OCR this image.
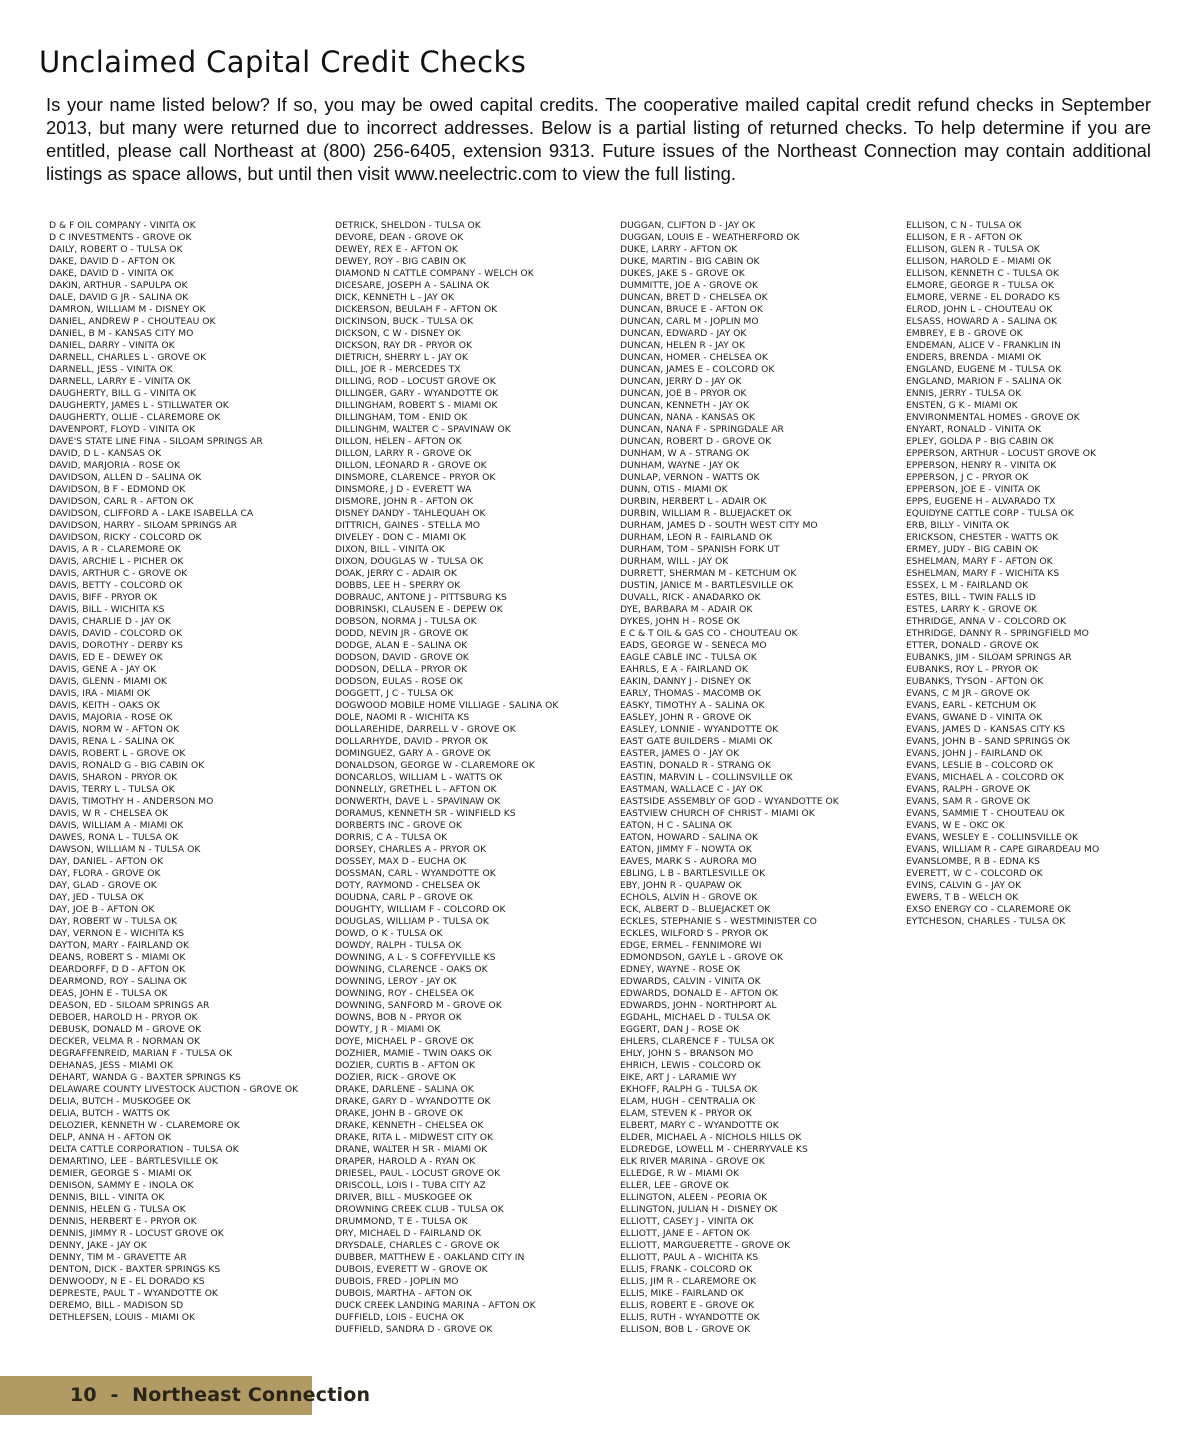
Unclaimed Capital Credit Checks

Is your name listed below? If so, you may be owed capital credits. The cooperative mailed capital credit refund checks in September 2013, but many were returned due to incorrect addresses. Below is a partial listing of returned checks. To help determine if you are entitled, please call Northeast at (800) 256-6405, extension 9313. Future issues of the Northeast Connection may contain additional listings as space allows, but until then visit www.neelectric.com to view the full listing.

D & F OIL COMPANY - VINITA OK
D C INVESTMENTS - GROVE OK
DAILY, ROBERT O - TULSA OK
DAKE, DAVID D - AFTON OK
DAKE, DAVID D - VINITA OK
DAKIN, ARTHUR - SAPULPA OK
DALE, DAVID G JR - SALINA OK
DAMRON, WILLIAM M - DISNEY OK
DANIEL, ANDREW P - CHOUTEAU OK
DANIEL, B M - KANSAS CITY MO
DANIEL, DARRY - VINITA OK
DARNELL, CHARLES L - GROVE OK
DARNELL, JESS - VINITA OK
DARNELL, LARRY E - VINITA OK
DAUGHERTY, BILL G - VINITA OK
DAUGHERTY, JAMES L - STILLWATER OK
DAUGHERTY, OLLIE - CLAREMORE OK
DAVENPORT, FLOYD - VINITA OK
DAVE'S STATE LINE FINA - SILOAM SPRINGS AR
DAVID, D L - KANSAS OK
DAVID, MARJORIA - ROSE OK
DAVIDSON, ALLEN D - SALINA OK
DAVIDSON, B F - EDMOND OK
DAVIDSON, CARL R - AFTON OK
DAVIDSON, CLIFFORD A - LAKE ISABELLA CA
DAVIDSON, HARRY - SILOAM SPRINGS AR
DAVIDSON, RICKY - COLCORD OK
DAVIS, A R - CLAREMORE OK
DAVIS, ARCHIE L - PICHER OK
DAVIS, ARTHUR C - GROVE OK
DAVIS, BETTY - COLCORD OK
DAVIS, BIFF - PRYOR OK
DAVIS, BILL - WICHITA KS
DAVIS, CHARLIE D - JAY OK
DAVIS, DAVID - COLCORD OK
DAVIS, DOROTHY - DERBY KS
DAVIS, ED E - DEWEY OK
DAVIS, GENE A - JAY OK
DAVIS, GLENN - MIAMI OK
DAVIS, IRA - MIAMI OK
DAVIS, KEITH - OAKS OK
DAVIS, MAJORIA - ROSE OK
DAVIS, NORM W - AFTON OK
DAVIS, RENA L - SALINA OK
DAVIS, ROBERT L - GROVE OK
DAVIS, RONALD G - BIG CABIN OK
DAVIS, SHARON - PRYOR OK
DAVIS, TERRY L - TULSA OK
DAVIS, TIMOTHY H - ANDERSON MO
DAVIS, W R - CHELSEA OK
DAVIS, WILLIAM A - MIAMI OK
DAWES, RONA L - TULSA OK
DAWSON, WILLIAM N - TULSA OK
DAY, DANIEL - AFTON OK
DAY, FLORA - GROVE OK
DAY, GLAD - GROVE OK
DAY, JED - TULSA OK
DAY, JOE B - AFTON OK
DAY, ROBERT W - TULSA OK
DAY, VERNON E - WICHITA KS
DAYTON, MARY - FAIRLAND OK
DEANS, ROBERT S - MIAMI OK
DEARDORFF, D D - AFTON OK
DEARMOND, ROY - SALINA OK
DEAS, JOHN E - TULSA OK
DEASON, ED - SILOAM SPRINGS AR
DEBOER, HAROLD H - PRYOR OK
DEBUSK, DONALD M - GROVE OK
DECKER, VELMA R - NORMAN OK
DEGRAFFENREID, MARIAN F - TULSA OK
DEHANAS, JESS - MIAMI OK
DEHART, WANDA G - BAXTER SPRINGS KS
DELAWARE COUNTY LIVESTOCK AUCTION - GROVE OK
DELIA, BUTCH - MUSKOGEE OK
DELIA, BUTCH - WATTS OK
DELOZIER, KENNETH W - CLAREMORE OK
DELP, ANNA H - AFTON OK
DELTA CATTLE CORPORATION - TULSA OK
DEMARTINO, LEE - BARTLESVILLE OK
DEMIER, GEORGE S - MIAMI OK
DENISON, SAMMY E - INOLA OK
DENNIS, BILL - VINITA OK
DENNIS, HELEN G - TULSA OK
DENNIS, HERBERT E - PRYOR OK
DENNIS, JIMMY R - LOCUST GROVE OK
DENNY, JAKE - JAY OK
DENNY, TIM M - GRAVETTE AR
DENTON, DICK - BAXTER SPRINGS KS
DENWOODY, N E - EL DORADO KS
DEPRESTE, PAUL T - WYANDOTTE OK
DEREMO, BILL - MADISON SD
DETHLEFSEN, LOUIS - MIAMI OK
DETRICK, SHELDON - TULSA OK
DEVORE, DEAN - GROVE OK
DEWEY, REX E - AFTON OK
DEWEY, ROY - BIG CABIN OK
DIAMOND N CATTLE COMPANY - WELCH OK
DICESARE, JOSEPH A - SALINA OK
DICK, KENNETH L - JAY OK
DICKERSON, BEULAH F - AFTON OK
DICKINSON, BUCK - TULSA OK
DICKSON, C W - DISNEY OK
DICKSON, RAY DR - PRYOR OK
DIETRICH, SHERRY L - JAY OK
DILL, JOE R - MERCEDES TX
DILLING, ROD - LOCUST GROVE OK
DILLINGER, GARY - WYANDOTTE OK
DILLINGHAM, ROBERT S - MIAMI OK
DILLINGHAM, TOM - ENID OK
DILLINGHM, WALTER C - SPAVINAW OK
DILLON, HELEN - AFTON OK
DILLON, LARRY R - GROVE OK
DILLON, LEONARD R - GROVE OK
DINSMORE, CLARENCE - PRYOR OK
DINSMORE, J D - EVERETT WA
DISMORE, JOHN R - AFTON OK
DISNEY DANDY - TAHLEQUAH OK
DITTRICH, GAINES - STELLA MO
DIVELEY - DON C - MIAMI OK
DIXON, BILL - VINITA OK
DIXON, DOUGLAS W - TULSA OK
DOAK, JERRY C - ADAIR OK
DOBBS, LEE H - SPERRY OK
DOBRAUC, ANTONE J - PITTSBURG KS
DOBRINSKI, CLAUSEN E - DEPEW OK
DOBSON, NORMA J - TULSA OK
DODD, NEVIN JR - GROVE OK
DODGE, ALAN E - SALINA OK
DODSON, DAVID - GROVE OK
DODSON, DELLA - PRYOR OK
DODSON, EULAS - ROSE OK
DOGGETT, J C - TULSA OK
DOGWOOD MOBILE HOME VILLIAGE - SALINA OK
DOLE, NAOMI R - WICHITA KS
DOLLAREHIDE, DARRELL V - GROVE OK
DOLLARHYDE, DAVID - PRYOR OK
DOMINGUEZ, GARY A - GROVE OK
DONALDSON, GEORGE W - CLAREMORE OK
DONCARLOS, WILLIAM L - WATTS OK
DONNELLY, GRETHEL L - AFTON OK
DONWERTH, DAVE L - SPAVINAW OK
DORAMUS, KENNETH SR - WINFIELD KS
DORBERTS INC - GROVE OK
DORRIS, C A - TULSA OK
DORSEY, CHARLES A - PRYOR OK
DOSSEY, MAX D - EUCHA OK
DOSSMAN, CARL - WYANDOTTE OK
DOTY, RAYMOND - CHELSEA OK
DOUDNA, CARL P - GROVE OK
DOUGHTY, WILLIAM F - COLCORD OK
DOUGLAS, WILLIAM P - TULSA OK
DOWD, O K - TULSA OK
DOWDY, RALPH - TULSA OK
DOWNING, A L - S COFFEYVILLE KS
DOWNING, CLARENCE - OAKS OK
DOWNING, LEROY - JAY OK
DOWNING, ROY - CHELSEA OK
DOWNING, SANFORD M - GROVE OK
DOWNS, BOB N - PRYOR OK
DOWTY, J R - MIAMI OK
DOYE, MICHAEL P - GROVE OK
DOZHIER, MAMIE - TWIN OAKS OK
DOZIER, CURTIS B - AFTON OK
DOZIER, RICK - GROVE OK
DRAKE, DARLENE - SALINA OK
DRAKE, GARY D - WYANDOTTE OK
DRAKE, JOHN B - GROVE OK
DRAKE, KENNETH - CHELSEA OK
DRAKE, RITA L - MIDWEST CITY OK
DRANE, WALTER H SR - MIAMI OK
DRAPER, HAROLD A - RYAN OK
DRIESEL, PAUL - LOCUST GROVE OK
DRISCOLL, LOIS I - TUBA CITY AZ
DRIVER, BILL - MUSKOGEE OK
DROWNING CREEK CLUB - TULSA OK
DRUMMOND, T E - TULSA OK
DRY, MICHAEL D - FAIRLAND OK
DRYSDALE, CHARLES C - GROVE OK
DUBBER, MATTHEW E - OAKLAND CITY IN
DUBOIS, EVERETT W - GROVE OK
DUBOIS, FRED - JOPLIN MO
DUBOIS, MARTHA - AFTON OK
DUCK CREEK LANDING MARINA - AFTON OK
DUFFIELD, LOIS - EUCHA OK
DUFFIELD, SANDRA D - GROVE OK
DUGGAN, CLIFTON D - JAY OK
DUGGAN, LOUIS E - WEATHERFORD OK
DUKE, LARRY - AFTON OK
DUKE, MARTIN - BIG CABIN OK
DUKES, JAKE S - GROVE OK
DUMMITTE, JOE A - GROVE OK
DUNCAN, BRET D - CHELSEA OK
DUNCAN, BRUCE E - AFTON OK
DUNCAN, CARL M - JOPLIN MO
DUNCAN, EDWARD - JAY OK
DUNCAN, HELEN R - JAY OK
DUNCAN, HOMER - CHELSEA OK
DUNCAN, JAMES E - COLCORD OK
DUNCAN, JERRY D - JAY OK
DUNCAN, JOE B - PRYOR OK
DUNCAN, KENNETH - JAY OK
DUNCAN, NANA - KANSAS OK
DUNCAN, NANA F - SPRINGDALE AR
DUNCAN, ROBERT D - GROVE OK
DUNHAM, W A - STRANG OK
DUNHAM, WAYNE - JAY OK
DUNLAP, VERNON - WATTS OK
DUNN, OTIS - MIAMI OK
DURBIN, HERBERT L - ADAIR OK
DURBIN, WILLIAM R - BLUEJACKET OK
DURHAM, JAMES D - SOUTH WEST CITY MO
DURHAM, LEON R - FAIRLAND OK
DURHAM, TOM - SPANISH FORK UT
DURHAM, WILL - JAY OK
DURRETT, SHERMAN M - KETCHUM OK
DUSTIN, JANICE M - BARTLESVILLE OK
DUVALL, RICK - ANADARKO OK
DYE, BARBARA M - ADAIR OK
DYKES, JOHN H - ROSE OK
E C & T OIL & GAS CO - CHOUTEAU OK
EADS, GEORGE W - SENECA MO
EAGLE CABLE INC - TULSA OK
EAHRLS, E A - FAIRLAND OK
EAKIN, DANNY J - DISNEY OK
EARLY, THOMAS - MACOMB OK
EASKY, TIMOTHY A - SALINA OK
EASLEY, JOHN R - GROVE OK
EASLEY, LONNIE - WYANDOTTE OK
EAST GATE BUILDERS - MIAMI OK
EASTER, JAMES O - JAY OK
EASTIN, DONALD R - STRANG OK
EASTIN, MARVIN L - COLLINSVILLE OK
EASTMAN, WALLACE C - JAY OK
EASTSIDE ASSEMBLY OF GOD - WYANDOTTE OK
EASTVIEW CHURCH OF CHRIST - MIAMI OK
EATON, H C - SALINA OK
EATON, HOWARD - SALINA OK
EATON, JIMMY F - NOWTA OK
EAVES, MARK S - AURORA MO
EBLING, L B - BARTLESVILLE OK
EBY, JOHN R - QUAPAW OK
ECHOLS, ALVIN H - GROVE OK
ECK, ALBERT D - BLUEJACKET OK
ECKLES, STEPHANIE S - WESTMINISTER CO
ECKLES, WILFORD S - PRYOR OK
EDGE, ERMEL - FENNIMORE WI
EDMONDSON, GAYLE L - GROVE OK
EDNEY, WAYNE - ROSE OK
EDWARDS, CALVIN - VINITA OK
EDWARDS, DONALD E - AFTON OK
EDWARDS, JOHN - NORTHPORT AL
EGDAHL, MICHAEL D - TULSA OK
EGGERT, DAN J - ROSE OK
EHLERS, CLARENCE F - TULSA OK
EHLY, JOHN S - BRANSON MO
EHRICH, LEWIS - COLCORD OK
EIKE, ART J - LARAMIE WY
EKHOFF, RALPH G - TULSA OK
ELAM, HUGH - CENTRALIA OK
ELAM, STEVEN K - PRYOR OK
ELBERT, MARY C - WYANDOTTE OK
ELDER, MICHAEL A - NICHOLS HILLS OK
ELDREDGE, LOWELL M - CHERRYVALE KS
ELK RIVER MARINA - GROVE OK
ELLEDGE, R W - MIAMI OK
ELLER, LEE - GROVE OK
ELLINGTON, ALEEN - PEORIA OK
ELLINGTON, JULIAN H - DISNEY OK
ELLIOTT, CASEY J - VINITA OK
ELLIOTT, JANE E - AFTON OK
ELLIOTT, MARGUERETTE - GROVE OK
ELLIOTT, PAUL A - WICHITA KS
ELLIS, FRANK - COLCORD OK
ELLIS, JIM R - CLAREMORE OK
ELLIS, MIKE - FAIRLAND OK
ELLIS, ROBERT E - GROVE OK
ELLIS, RUTH - WYANDOTTE OK
ELLISON, BOB L - GROVE OK
ELLISON, C N - TULSA OK
ELLISON, E R - AFTON OK
ELLISON, GLEN R - TULSA OK
ELLISON, HAROLD E - MIAMI OK
ELLISON, KENNETH C - TULSA OK
ELMORE, GEORGE R - TULSA OK
ELMORE, VERNE - EL DORADO KS
ELROD, JOHN L - CHOUTEAU OK
ELSASS, HOWARD A - SALINA OK
EMBREY, E B - GROVE OK
ENDEMAN, ALICE V - FRANKLIN IN
ENDERS, BRENDA - MIAMI OK
ENGLAND, EUGENE M - TULSA OK
ENGLAND, MARION F - SALINA OK
ENNIS, JERRY - TULSA OK
ENSTEN, G K - MIAMI OK
ENVIRONMENTAL HOMES - GROVE OK
ENYART, RONALD - VINITA OK
EPLEY, GOLDA P - BIG CABIN OK
EPPERSON, ARTHUR - LOCUST GROVE OK
EPPERSON, HENRY R - VINITA OK
EPPERSON, J C - PRYOR OK
EPPERSON, JOE E - VINITA OK
EPPS, EUGENE H - ALVARADO TX
EQUIDYNE CATTLE CORP - TULSA OK
ERB, BILLY - VINITA OK
ERICKSON, CHESTER - WATTS OK
ERMEY, JUDY - BIG CABIN OK
ESHELMAN, MARY F - AFTON OK
ESHELMAN, MARY F - WICHITA KS
ESSEX, L M - FAIRLAND OK
ESTES, BILL - TWIN FALLS ID
ESTES, LARRY K - GROVE OK
ETHRIDGE, ANNA V - COLCORD OK
ETHRIDGE, DANNY R - SPRINGFIELD MO
ETTER, DONALD - GROVE OK
EUBANKS, JIM - SILOAM SPRINGS AR
EUBANKS, ROY L - PRYOR OK
EUBANKS, TYSON - AFTON OK
EVANS, C M JR - GROVE OK
EVANS, EARL - KETCHUM OK
EVANS, GWANE D - VINITA OK
EVANS, JAMES D - KANSAS CITY KS
EVANS, JOHN B - SAND SPRINGS OK
EVANS, JOHN J - FAIRLAND OK
EVANS, LESLIE B - COLCORD OK
EVANS, MICHAEL A - COLCORD OK
EVANS, RALPH - GROVE OK
EVANS, SAM R - GROVE OK
EVANS, SAMMIE T - CHOUTEAU OK
EVANS, W E - OKC OK
EVANS, WESLEY E - COLLINSVILLE OK
EVANS, WILLIAM R - CAPE GIRARDEAU MO
EVANSLOMBE, R B - EDNA KS
EVERETT, W C - COLCORD OK
EVINS, CALVIN G - JAY OK
EWERS, T B - WELCH OK
EXSO ENERGY CO - CLAREMORE OK
EYTCHESON, CHARLES - TULSA OK
10  -  Northeast Connection
